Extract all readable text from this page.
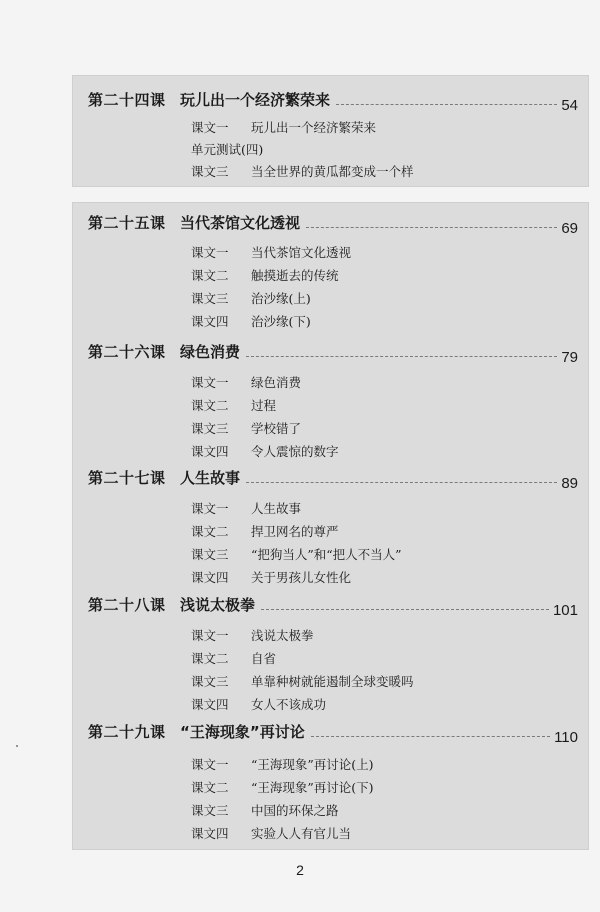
第二十四课 玩儿出一个经济繁荣来	54
课文一	玩儿出一个经济繁荣来
单元测试(四)
课文三	当全世界的黄瓜都变成一个样
第二十五课 当代茶馆文化透视	69
课文一	当代茶馆文化透视
课文二	触摸逝去的传统
课文三	治沙缘(上)
课文四	治沙缘(下)
第二十六课 绿色消费	79
课文一	绿色消费
课文二	过程
课文三	学校错了
课文四	令人震惊的数字
第二十七课 人生故事	89
课文一	人生故事
课文二	捍卫网名的尊严
课文三	“把狗当人”和“把人不当人”
课文四	关于男孩儿女性化
第二十八课 浅说太极拳	101
课文一	浅说太极拳
课文二	自省
课文三	单靠种树就能遏制全球变暖吗
课文四	女人不该成功
第二十九课 “王海现象”再讨论	110
课文一	“王海现象”再讨论(上)
课文二	“王海现象”再讨论(下)
课文三	中国的环保之路
课文四	实验人人有官儿当
2
